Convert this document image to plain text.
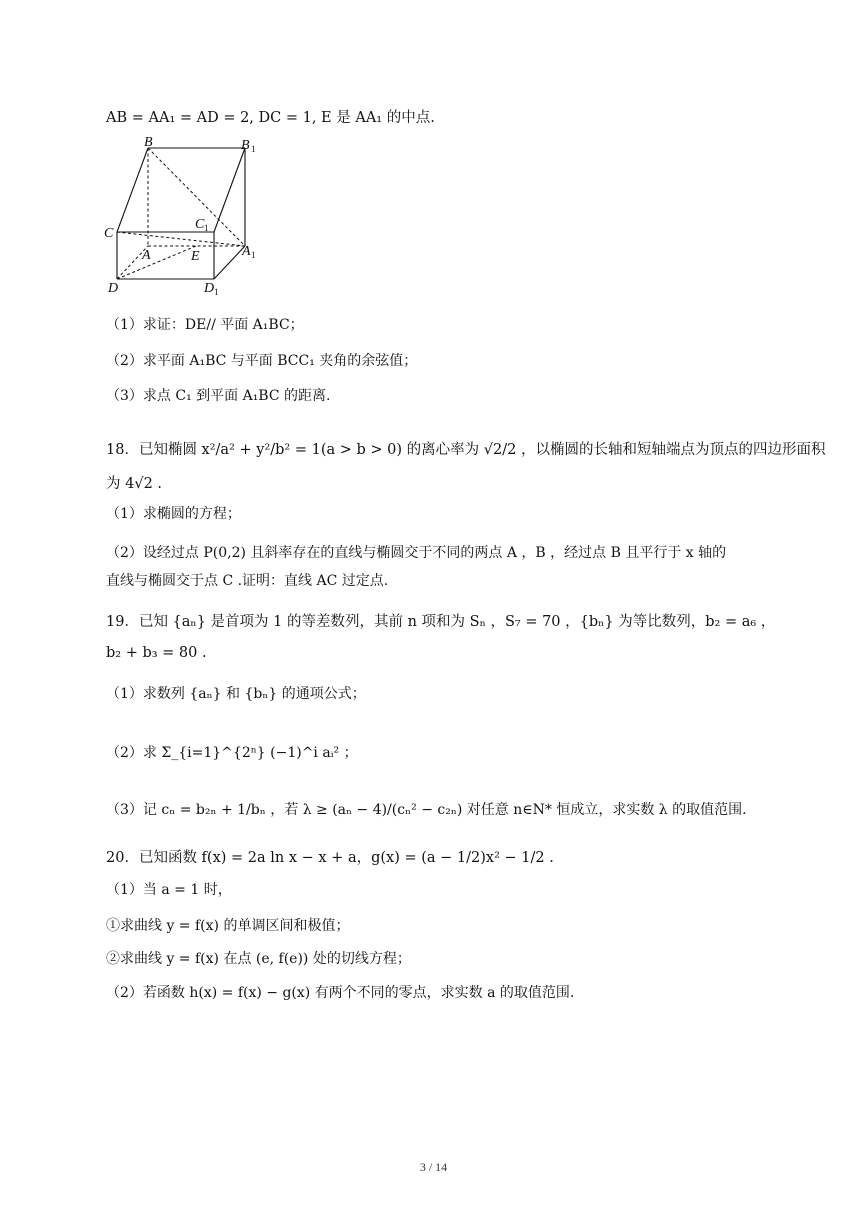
AB = AA₁ = AD = 2, DC = 1, E 是 AA₁ 的中点.
B	B 1
C
C 1
A	A 1
E
D	D 1
（1）求证：DE// 平面 A₁BC；
（2）求平面 A₁BC 与平面 BCC₁ 夹角的余弦值；
（3）求点 C₁ 到平面 A₁BC 的距离.
18．已知椭圆 x²/a² + y²/b² = 1(a > b > 0) 的离心率为 √2/2 ，以椭圆的长轴和短轴端点为顶点的四边形面积
为 4√2 .
（1）求椭圆的方程；
（2）设经过点 P(0,2) 且斜率存在的直线与椭圆交于不同的两点 A ，B ，经过点 B 且平行于 x 轴的
直线与椭圆交于点 C .证明：直线 AC 过定点.
19．已知 {aₙ} 是首项为 1 的等差数列，其前 n 项和为 Sₙ ，S₇ = 70 ，{bₙ} 为等比数列，b₂ = a₆ ，
b₂ + b₃ = 80 .
（1）求数列 {aₙ} 和 {bₙ} 的通项公式；
（2）求 Σ_{i=1}^{2ⁿ} (−1)^i aᵢ² ；
（3）记 cₙ = b₂ₙ + 1/bₙ ，若 λ ≥ (aₙ − 4)/(cₙ² − c₂ₙ) 对任意 n∈N* 恒成立，求实数 λ 的取值范围.
20．已知函数 f(x) = 2a ln x − x + a，g(x) = (a − 1/2)x² − 1/2 .
（1）当 a = 1 时，
①求曲线 y = f(x) 的单调区间和极值；
②求曲线 y = f(x) 在点 (e, f(e)) 处的切线方程；
（2）若函数 h(x) = f(x) − g(x) 有两个不同的零点，求实数 a 的取值范围.
3 / 14
